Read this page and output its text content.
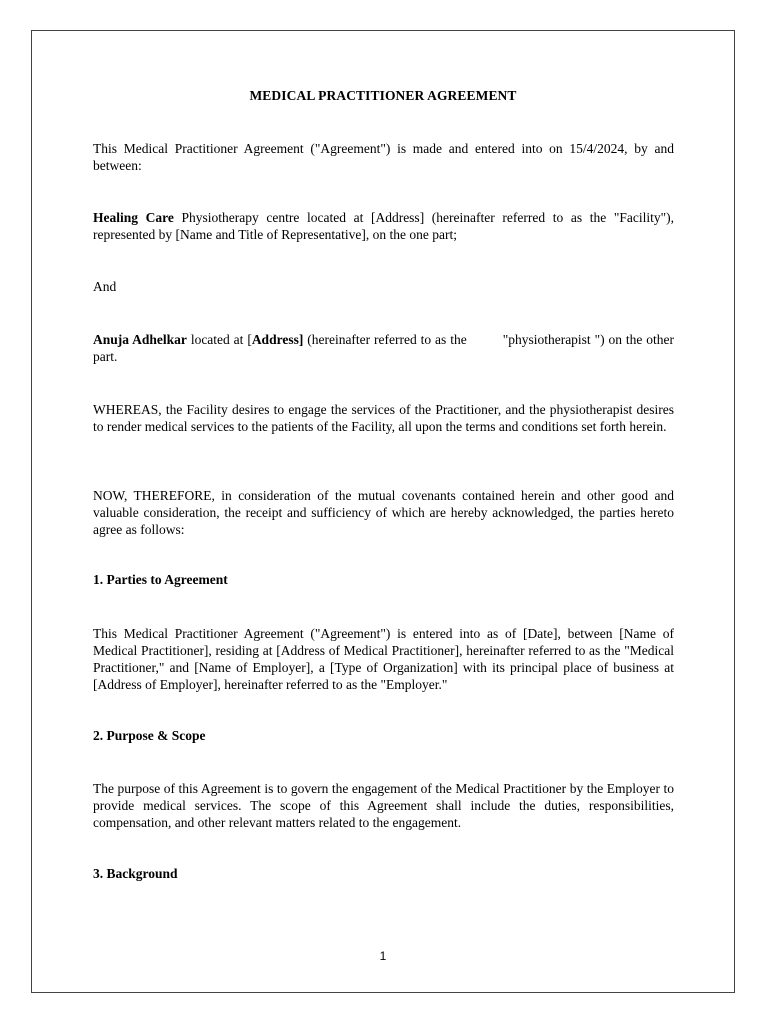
MEDICAL PRACTITIONER AGREEMENT

This Medical Practitioner Agreement ("Agreement") is made and entered into on 15/4/2024, by and between:

Healing Care Physiotherapy centre located at [Address] (hereinafter referred to as the "Facility"), represented by [Name and Title of Representative], on the one part;

And

Anuja Adhelkar located at [Address] (hereinafter referred to as the	"physiotherapist ") on the other part.

WHEREAS, the Facility desires to engage the services of the Practitioner, and the physiotherapist desires to render medical services to the patients of the Facility, all upon the terms and conditions set forth herein.

NOW, THEREFORE, in consideration of the mutual covenants contained herein and other good and valuable consideration, the receipt and sufficiency of which are hereby acknowledged, the parties hereto agree as follows:

1. Parties to Agreement

This Medical Practitioner Agreement ("Agreement") is entered into as of [Date], between [Name of Medical Practitioner], residing at [Address of Medical Practitioner], hereinafter referred to as the "Medical Practitioner," and [Name of Employer], a [Type of Organization] with its principal place of business at [Address of Employer], hereinafter referred to as the "Employer."

2. Purpose & Scope

The purpose of this Agreement is to govern the engagement of the Medical Practitioner by the Employer to provide medical services. The scope of this Agreement shall include the duties, responsibilities, compensation, and other relevant matters related to the engagement.

3. Background

1
